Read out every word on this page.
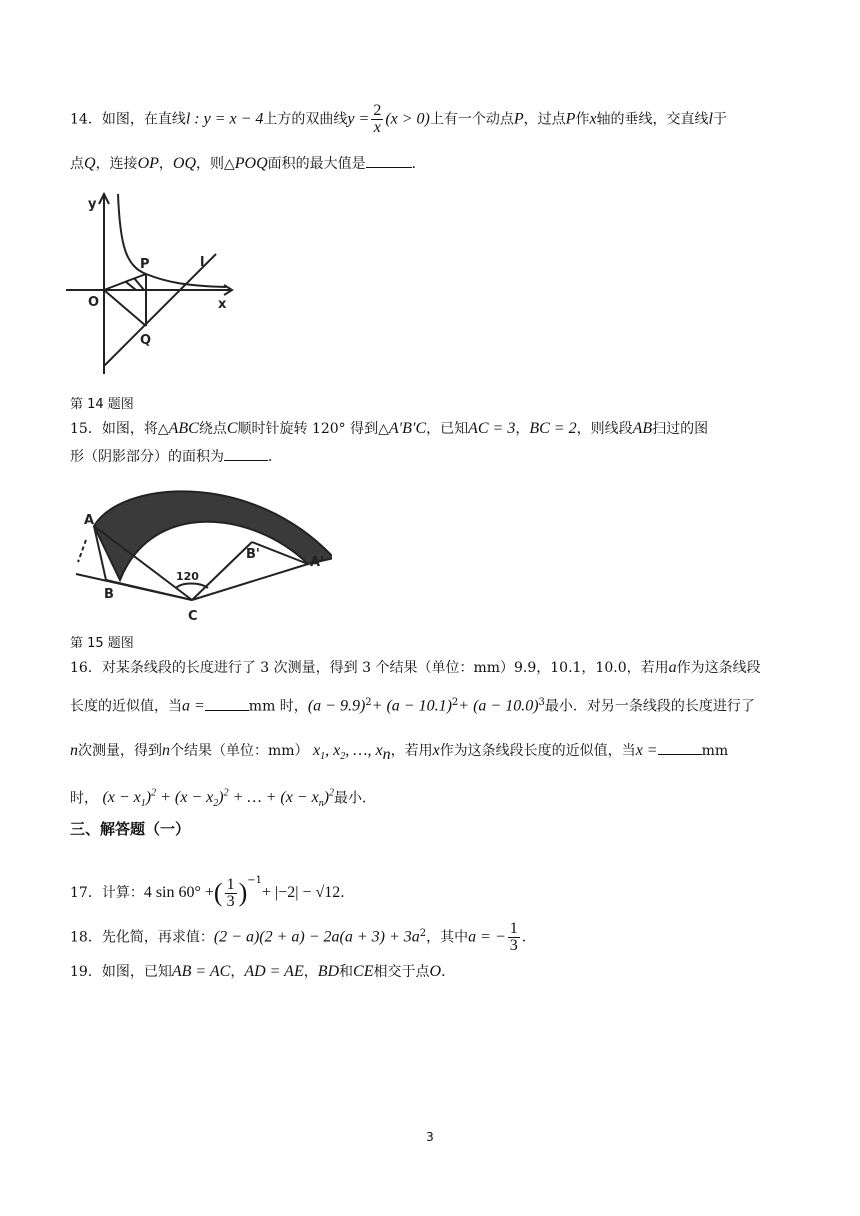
14．如图，在直线l : y = x − 4上方的双曲线$y = \frac{2}{x} (x > 0)$上有一个动点P，过点P作x轴的垂线，交直线l于
点Q，连接OP，OQ，则△POQ面积的最大值是	．
y
x
O
P
Q
l
第 14 题图
15．如图，将△ABC绕点C顺时针旋转 120° 得到△A′B′C，已知AC = 3，BC = 2，则线段AB扫过的图
形（阴影部分）的面积为	．
A
B
C
A'
B'
120
第 15 题图
16．对某条线段的长度进行了 3 次测量，得到 3 个结果（单位：mm）9.9，10.1，10.0，若用a作为这条线段
长度的近似值，当a =	mm 时，$(a - 9.9)^2+ (a - 10.1)^2+ (a - 10.0)^3$最小．对另一条线段的长度进行了
n次测量，得到n个结果（单位：mm） $x_1$, $x_2$, …, $x_n$，若用x作为这条线段长度的近似值，当x =	mm
时， $(x - x_1)^2 + (x - x_2)^2$ + … + $(x - x_n)^2$最小．
三、解答题（一）
17．计算：4 sin 60° +( $\frac{1}{3} )^{-1}+ |-2| - √12$．
18．先化简，再求值：$(2 - a)(2 + a) - 2a(a + 3) + 3a^2$，其中a = − $\frac{1}{3}$ ．
19．如图，已知AB = AC，AD = AE，BD和CE相交于点O．
3
